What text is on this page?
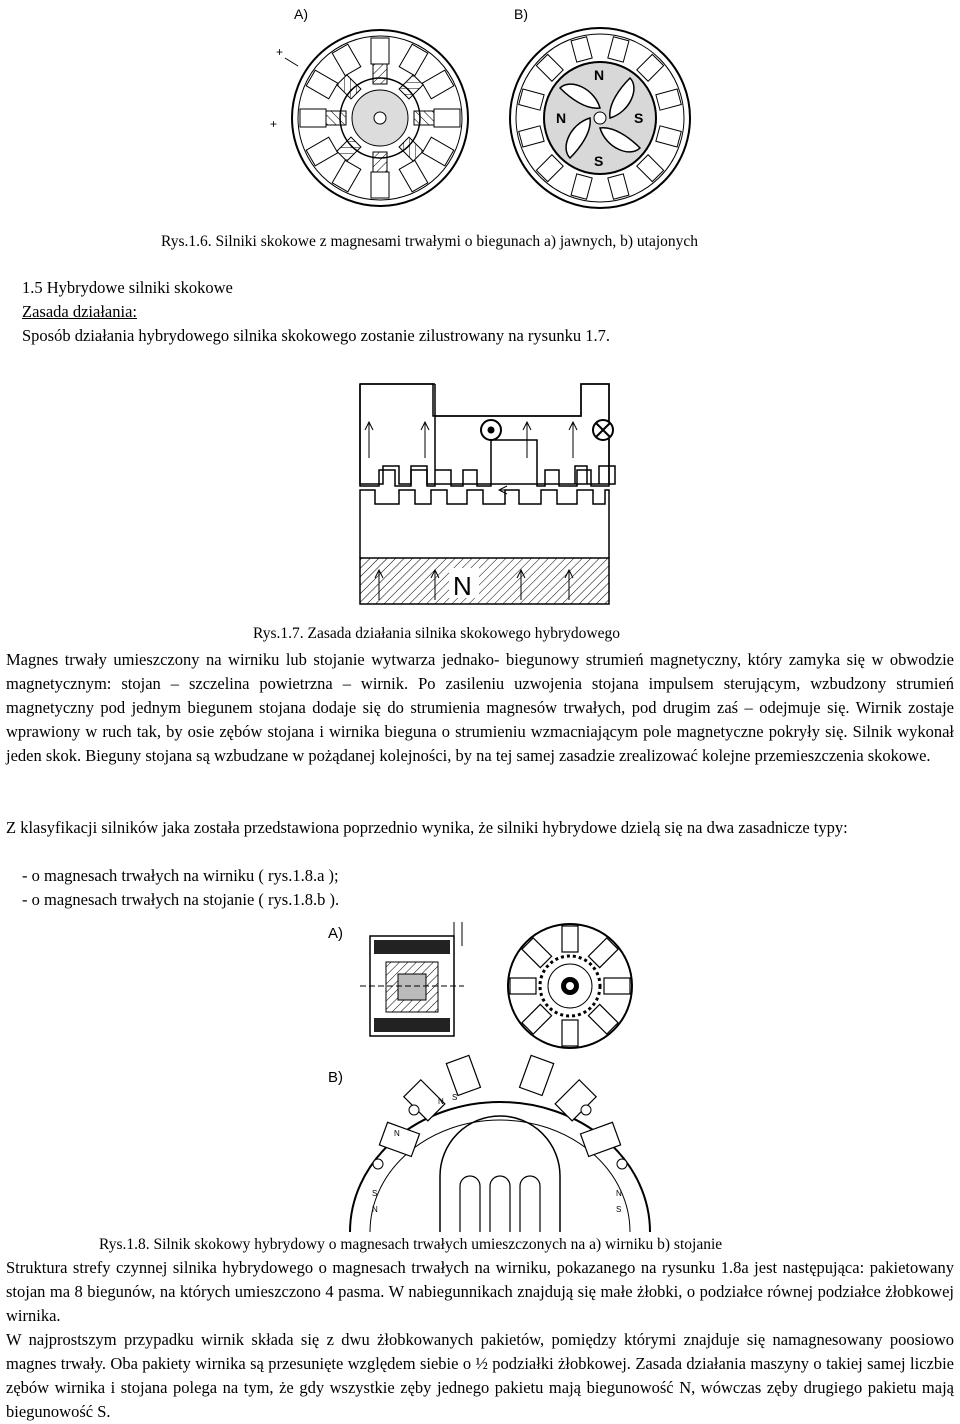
A)	B)
+
+
N
S
N	S
Rys.1.6. Silniki skokowe z magnesami trwałymi o biegunach a) jawnych, b) utajonych
1.5 Hybrydowe silniki skokowe
Zasada działania:
Sposób działania hybrydowego silnika skokowego zostanie zilustrowany na rysunku 1.7.
N
Rys.1.7. Zasada działania silnika skokowego hybrydowego
Magnes trwały umieszczony na wirniku lub stojanie wytwarza jednako- biegunowy strumień magnetyczny, który zamyka się w obwodzie magnetycznym: stojan – szczelina powietrzna – wirnik. Po zasileniu uzwojenia stojana impulsem sterującym, wzbudzony strumień magnetyczny pod jednym biegunem stojana dodaje się do strumienia magnesów trwałych, pod drugim zaś – odejmuje się. Wirnik zostaje wprawiony w ruch tak, by osie zębów stojana i wirnika bieguna o strumieniu wzmacniającym pole magnetyczne pokryły się. Silnik wykonał jeden skok. Bieguny stojana są wzbudzane w pożądanej kolejności, by na tej samej zasadzie zrealizować kolejne przemieszczenia skokowe.
Z klasyfikacji silników jaka została przedstawiona poprzednio wynika, że silniki hybrydowe dzielą się na dwa zasadnicze typy:
- o magnesach trwałych na wirniku ( rys.1.8.a );
- o magnesach trwałych na stojanie ( rys.1.8.b ).
A)
B)
N S
N
S
N
N
S
Rys.1.8. Silnik skokowy hybrydowy o magnesach trwałych umieszczonych na a) wirniku b) stojanie
Struktura strefy czynnej silnika hybrydowego o magnesach trwałych na wirniku, pokazanego na rysunku 1.8a jest następująca: pakietowany stojan ma 8 biegunów, na których umieszczono 4 pasma. W nabiegunnikach znajdują się małe żłobki, o podziałce równej podziałce żłobkowej wirnika.
W najprostszym przypadku wirnik składa się z dwu żłobkowanych pakietów, pomiędzy którymi znajduje się namagnesowany poosiowo magnes trwały. Oba pakiety wirnika są przesunięte względem siebie o ½ podziałki żłobkowej. Zasada działania maszyny o takiej samej liczbie zębów wirnika i stojana polega na tym, że gdy wszystkie zęby jednego pakietu mają biegunowość N, wówczas zęby drugiego pakietu mają biegunowość S.
